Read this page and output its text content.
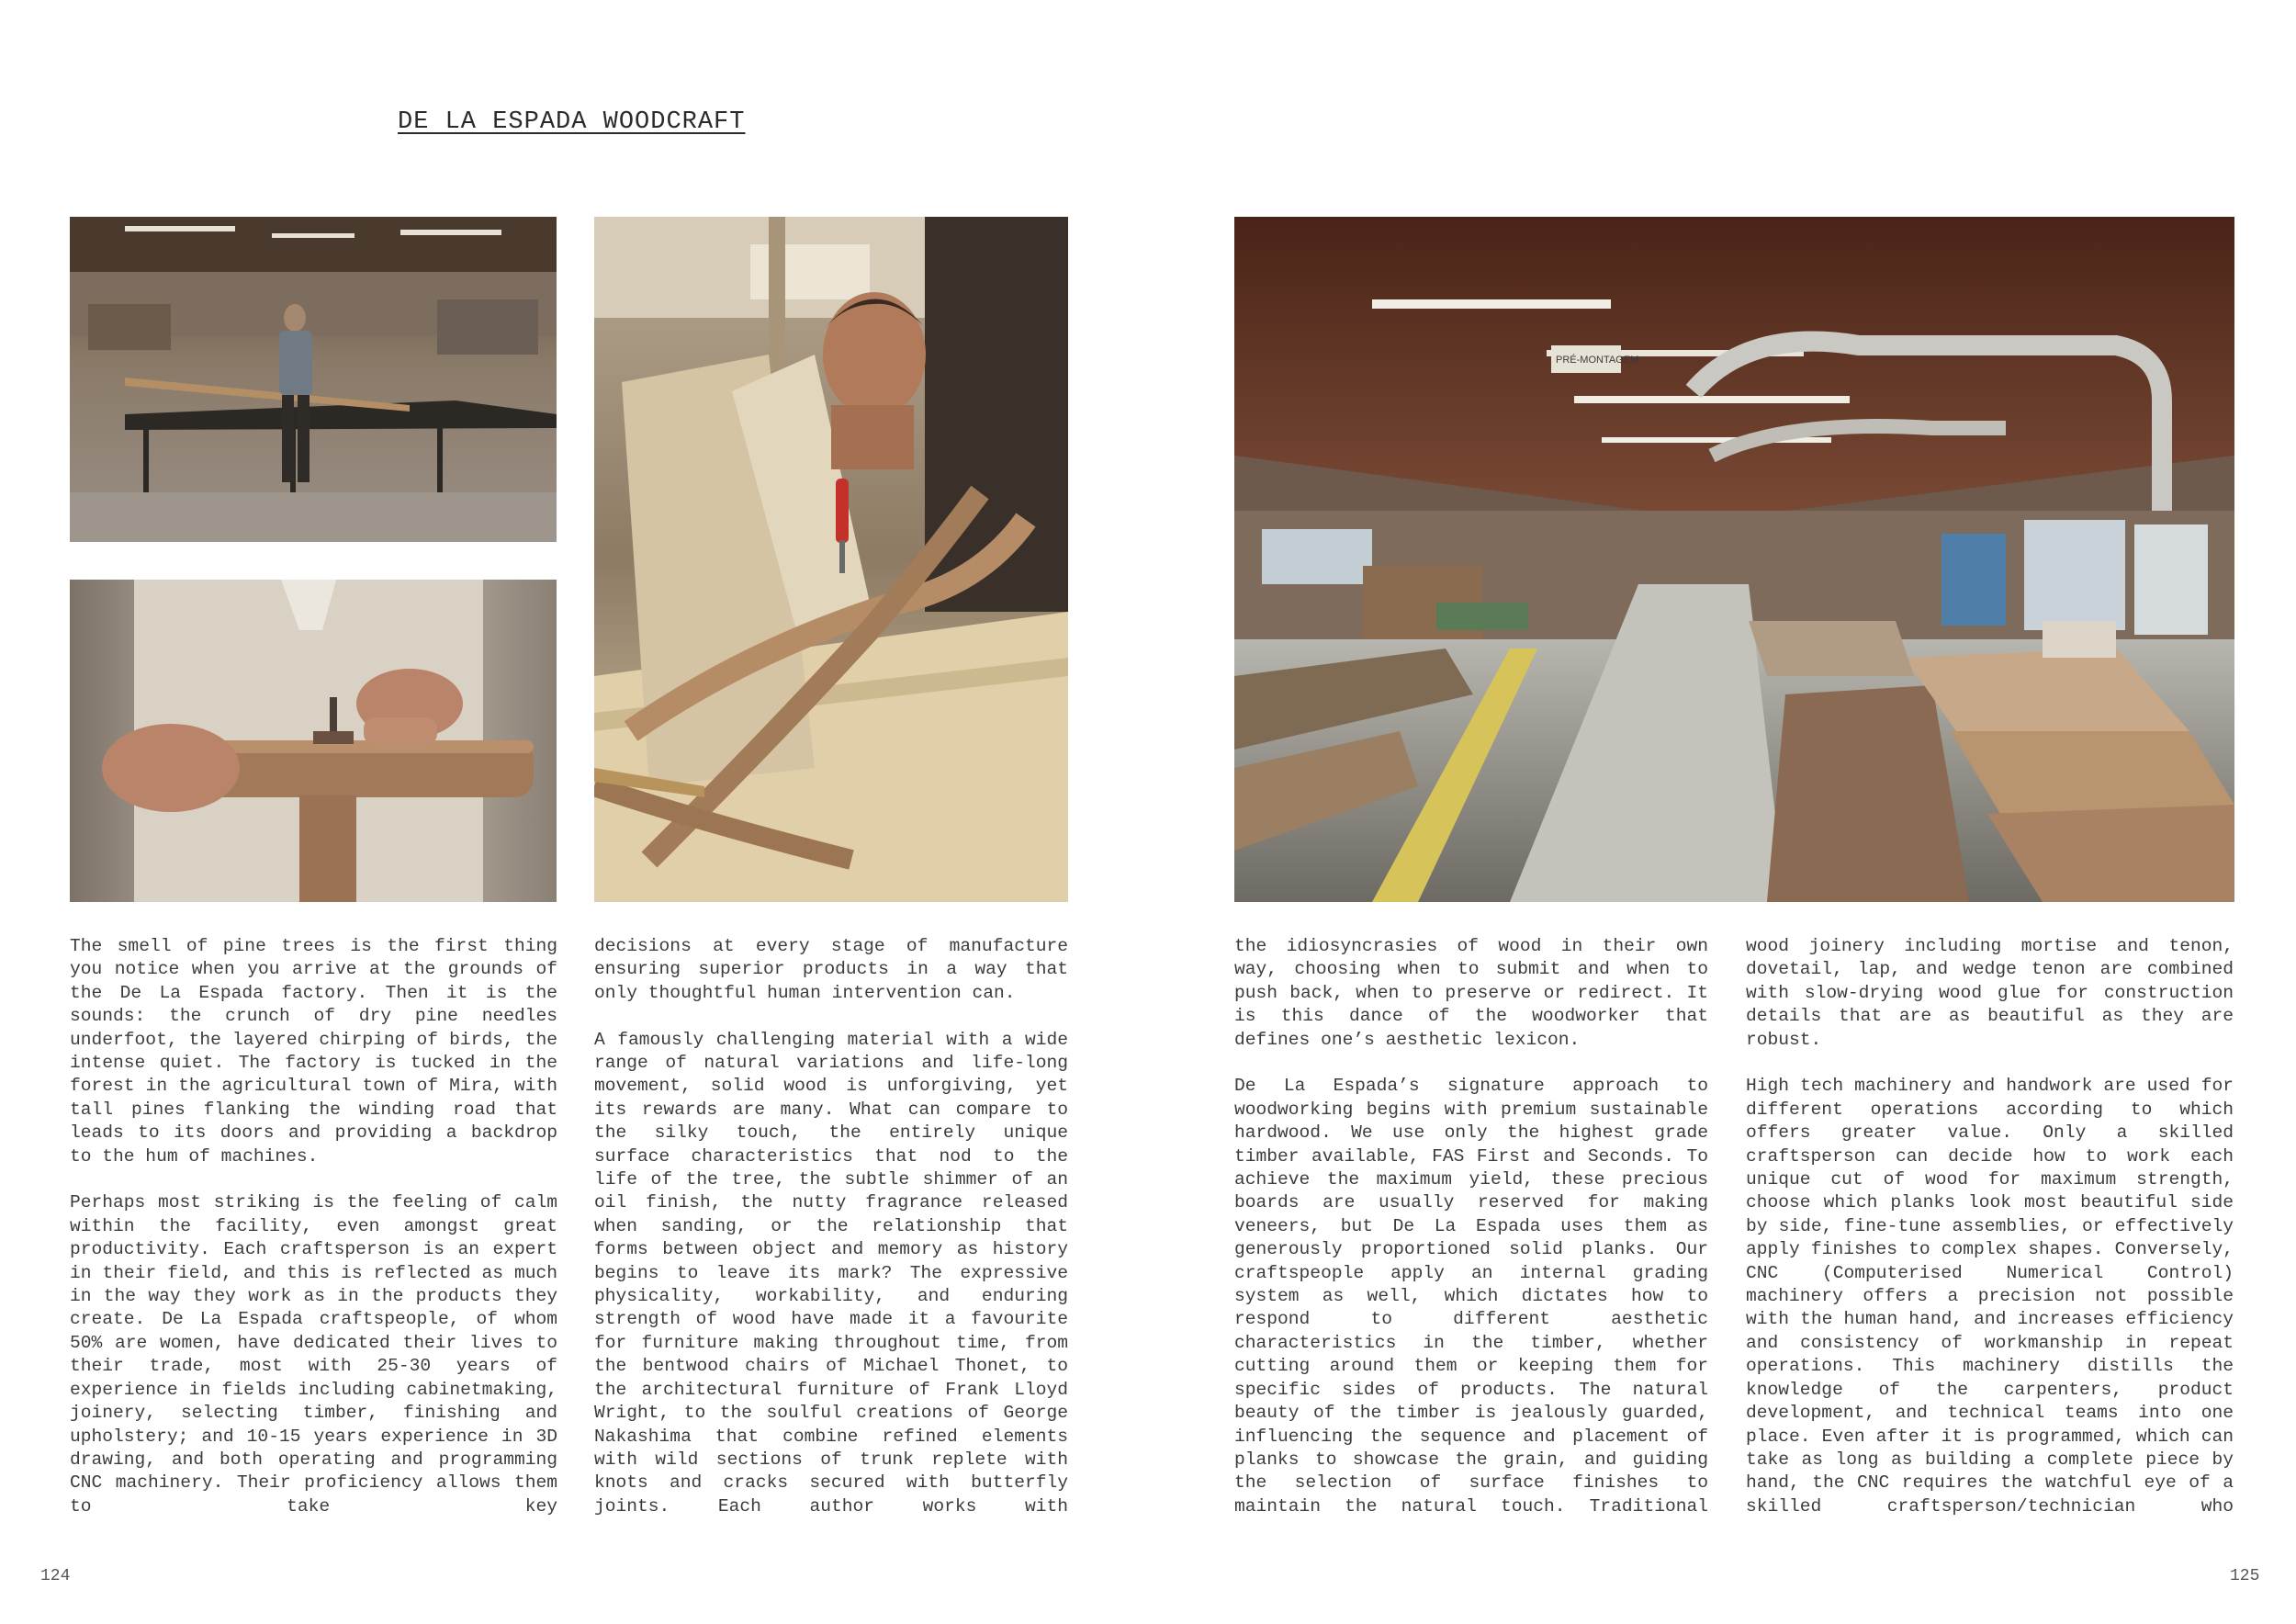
DE LA ESPADA WOODCRAFT
PRÉ-MONTAGEM

The smell of pine trees is the first thing you notice when you arrive at the grounds of the De La Espada factory. Then it is the sounds: the crunch of dry pine needles underfoot, the layered chirping of birds, the intense quiet. The factory is tucked in the forest in the agricultural town of Mira, with tall pines flanking the winding road that leads to its doors and providing a backdrop to the hum of machines.

Perhaps most striking is the feeling of calm within the facility, even amongst great productivity. Each craftsperson is an expert in their field, and this is reflected as much in the way they work as in the products they create. De La Espada craftspeople, of whom 50% are women, have dedicated their lives to their trade, most with 25-30 years of experience in fields including cabinetmaking, joinery, selecting timber, finishing and upholstery; and 10-15 years experience in 3D drawing, and both operating and programming CNC machinery. Their proficiency allows them to take key

decisions at every stage of manufacture ensuring superior products in a way that only thoughtful human intervention can.

A famously challenging material with a wide range of natural variations and life-long movement, solid wood is unforgiving, yet its rewards are many. What can compare to the silky touch, the entirely unique surface characteristics that nod to the life of the tree, the subtle shimmer of an oil finish, the nutty fragrance released when sanding, or the relationship that forms between object and memory as history begins to leave its mark? The expressive physicality, workability, and enduring strength of wood have made it a favourite for furniture making throughout time, from the bentwood chairs of Michael Thonet, to the architectural furniture of Frank Lloyd Wright, to the soulful creations of George Nakashima that combine refined elements with wild sections of trunk replete with knots and cracks secured with butterfly joints. Each author works with

the idiosyncrasies of wood in their own way, choosing when to submit and when to push back, when to preserve or redirect. It is this dance of the woodworker that defines one’s aesthetic lexicon.

De La Espada’s signature approach to woodworking begins with premium sustainable hardwood. We use only the highest grade timber available, FAS First and Seconds. To achieve the maximum yield, these precious boards are usually reserved for making veneers, but De La Espada uses them as generously proportioned solid planks. Our craftspeople apply an internal grading system as well, which dictates how to respond to different aesthetic characteristics in the timber, whether cutting around them or keeping them for specific sides of products. The natural beauty of the timber is jealously guarded, influencing the sequence and placement of planks to showcase the grain, and guiding the selection of surface finishes to maintain the natural touch. Traditional

wood joinery including mortise and tenon, dovetail, lap, and wedge tenon are combined with slow-drying wood glue for construction details that are as beautiful as they are robust.

High tech machinery and handwork are used for different operations according to which offers greater value. Only a skilled craftsperson can decide how to work each unique cut of wood for maximum strength, choose which planks look most beautiful side by side, fine-tune assemblies, or effectively apply finishes to complex shapes. Conversely, CNC (Computerised Numerical Control) machinery offers a precision not possible with the human hand, and increases efficiency and consistency of workmanship in repeat operations. This machinery distills the knowledge of the carpenters, product development, and technical teams into one place. Even after it is programmed, which can take as long as building a complete piece by hand, the CNC requires the watchful eye of a skilled craftsperson/technician who

124	125
